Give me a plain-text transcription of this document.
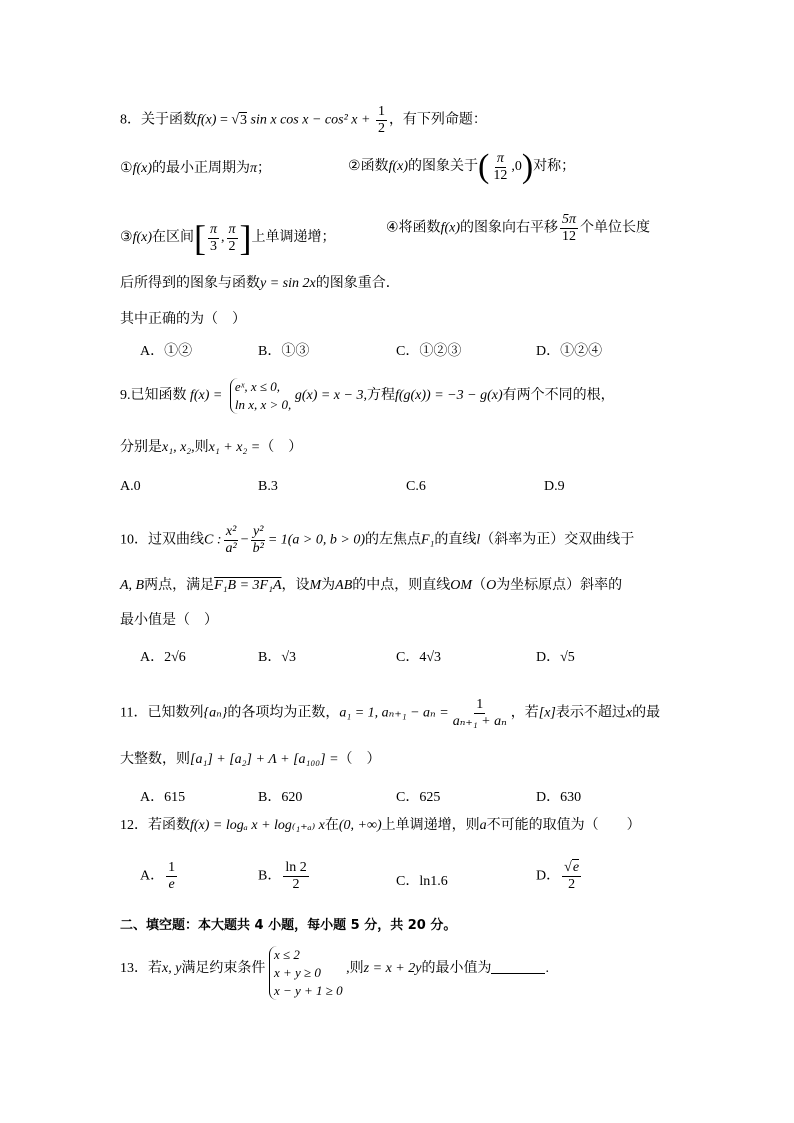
8．关于函数f(x) = √3 sin x cos x − cos² $x + \frac{1}{2}$ ，有下列命题：
①f(x)的最小正周期为π；	②函数f(x)的图象关于( $\frac{\pi}{12} ,0$)对称；
③f(x)在区间[ $\frac{\pi}{3}$ , $\frac{\pi}{2}$ ]上单调递增；
④将函数f(x)的图象向右平移 $\frac{5\pi}{12}$ 个单位长度
后所得到的图象与函数y = sin 2x的图象重合．
其中正确的为（　）
A．①②	B．①③	C．①②③	D．①②④
9.已知函数 f(x) =
eˣ, x ≤ 0,
ln x, x > 0,
g(x) = x − 3,方程f(g(x)) = −3 − g(x)有两个不同的根，
分别是x₁, x₂,则x₁ + x₂ =（　）
A.0	B.3	C.6	D.9
10．过双曲线C : $\frac{\text{x²}}{\text{a²}} - \frac{\text{y²}}{\text{b²}} = 1(a > 0$, b > 0)的左焦点F₁的直线l（斜率为正）交双曲线于
A, B两点，满足F₁B = 3F₁A，设M为AB的中点，则直线OM（O为坐标原点）斜率的
最小值是（　）
A．2√6	B．√3	C．4√3	D．√5
11．已知数列{aₙ}的各项均为正数，a₁ = 1, $a_{n+1} - a_n = \frac{1}{\text{aₙ₊₁ + aₙ}}$ ，若[x]表示不超过x的最
大整数，则[a₁] + [a₂] + Λ + [a₁₀₀] =（　）
A．615	B．620	C．625	D．630
12．若函数f(x) = logₐ x + log₍₁₊ₐ₎ x在(0, +∞)上单调递增，则a不可能的取值为（　　）
A． $\frac{1}{e}$	B． $\frac{\ln 2}{2}$	C．ln1.6	D． $\frac{√e}{2}$
二、填空题：本大题共 4 小题，每小题 5 分，共 20 分。
13．若x, y满足约束条件
x ≤ 2
x + y ≥ 0
x − y + 1 ≥ 0
,则z = x + 2y的最小值为	.
